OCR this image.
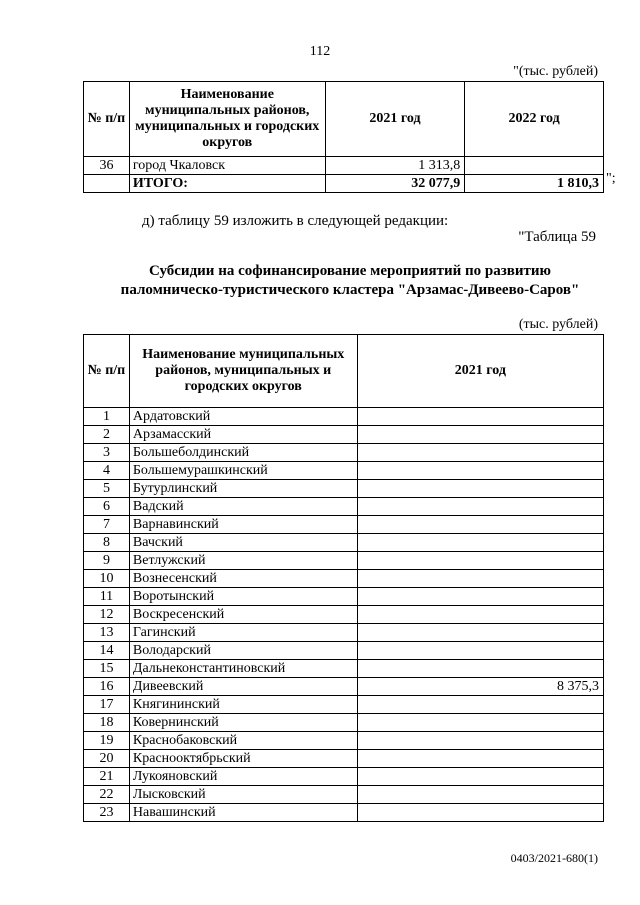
112
"(тыс. рублей)
№ п/п	Наименование муниципальных районов, муниципальных и городских округов	2021 год	2022 год
36	город Чкаловск	1 313,8	
	ИТОГО:	32 077,9	1 810,3 ";
д) таблицу 59 изложить в следующей редакции:
"Таблица 59
Субсидии на софинансирование мероприятий по развитию
паломническо-туристического кластера "Арзамас-Дивеево-Саров"
(тыс. рублей)
№ п/п	Наименование муниципальных районов, муниципальных и городских округов	2021 год
1	Ардатовский	
2	Арзамасский	
3	Большеболдинский	
4	Большемурашкинский	
5	Бутурлинский	
6	Вадский	
7	Варнавинский	
8	Вачский	
9	Ветлужский	
10	Вознесенский	
11	Воротынский	
12	Воскресенский	
13	Гагинский	
14	Володарский	
15	Дальнеконстантиновский	
16	Дивеевский	8 375,3
17	Княгининский	
18	Ковернинский	
19	Краснобаковский	
20	Краснооктябрьский	
21	Лукояновский	
22	Лысковский	
23	Навашинский	
0403/2021-680(1)
